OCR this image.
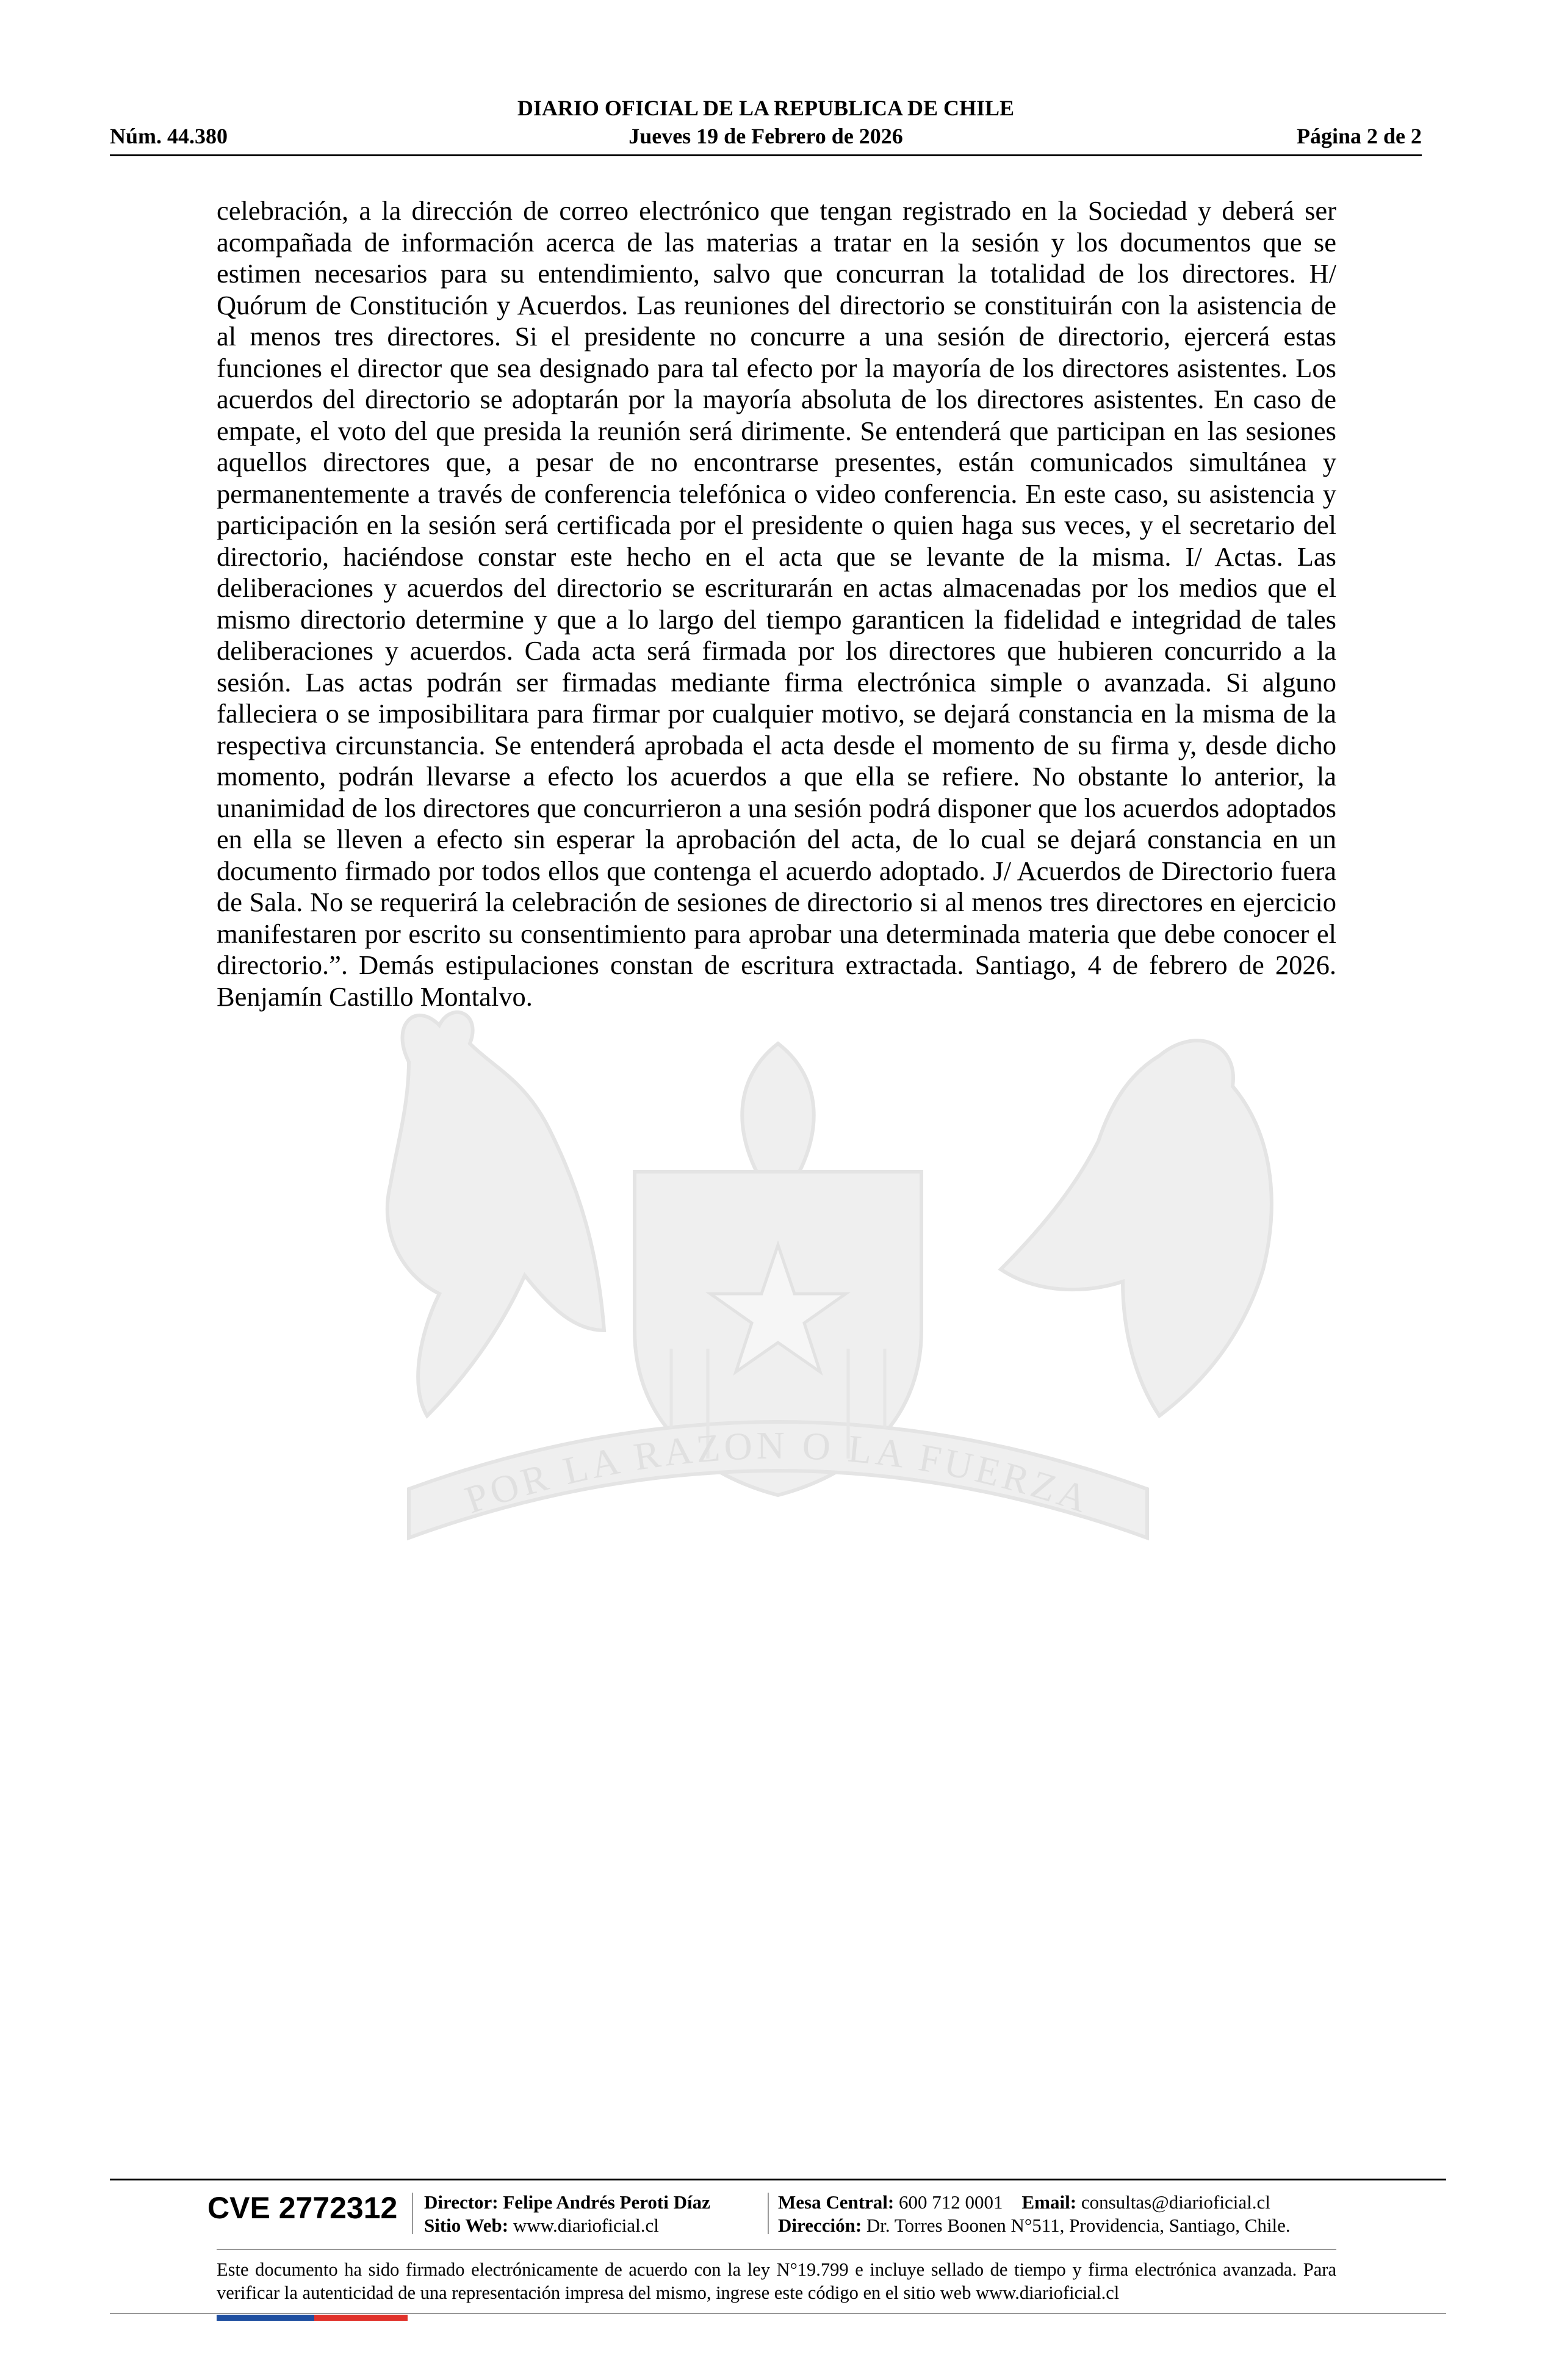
DIARIO OFICIAL DE LA REPUBLICA DE CHILE
Núm. 44.380	Jueves 19 de Febrero de 2026	Página 2 de 2
POR LA RAZON O LA FUERZA

celebración, a la dirección de correo electrónico que tengan registrado en la Sociedad y deberá ser acompañada de información acerca de las materias a tratar en la sesión y los documentos que se estimen necesarios para su entendimiento, salvo que concurran la totalidad de los directores. H/ Quórum de Constitución y Acuerdos. Las reuniones del directorio se constituirán con la asistencia de al menos tres directores. Si el presidente no concurre a una sesión de directorio, ejercerá estas funciones el director que sea designado para tal efecto por la mayoría de los directores asistentes. Los acuerdos del directorio se adoptarán por la mayoría absoluta de los directores asistentes. En caso de empate, el voto del que presida la reunión será dirimente. Se entenderá que participan en las sesiones aquellos directores que, a pesar de no encontrarse presentes, están comunicados simultánea y permanentemente a través de conferencia telefónica o video conferencia. En este caso, su asistencia y participación en la sesión será certificada por el presidente o quien haga sus veces, y el secretario del directorio, haciéndose constar este hecho en el acta que se levante de la misma. I/ Actas. Las deliberaciones y acuerdos del directorio se escriturarán en actas almacenadas por los medios que el mismo directorio determine y que a lo largo del tiempo garanticen la fidelidad e integridad de tales deliberaciones y acuerdos. Cada acta será firmada por los directores que hubieren concurrido a la sesión. Las actas podrán ser firmadas mediante firma electrónica simple o avanzada. Si alguno falleciera o se imposibilitara para firmar por cualquier motivo, se dejará constancia en la misma de la respectiva circunstancia. Se entenderá aprobada el acta desde el momento de su firma y, desde dicho momento, podrán llevarse a efecto los acuerdos a que ella se refiere. No obstante lo anterior, la unanimidad de los directores que concurrieron a una sesión podrá disponer que los acuerdos adoptados en ella se lleven a efecto sin esperar la aprobación del acta, de lo cual se dejará constancia en un documento firmado por todos ellos que contenga el acuerdo adoptado. J/ Acuerdos de Directorio fuera de Sala. No se requerirá la celebración de sesiones de directorio si al menos tres directores en ejercicio manifestaren por escrito su consentimiento para aprobar una determinada materia que debe conocer el directorio.”. Demás estipulaciones constan de escritura extractada. Santiago, 4 de febrero de 2026. Benjamín Castillo Montalvo.

CVE 2772312 Director: Felipe Andrés Peroti Díaz
Sitio Web: www.diarioficial.cl
Mesa Central: 600 712 0001 Email: consultas@diarioficial.cl
Dirección: Dr. Torres Boonen N°511, Providencia, Santiago, Chile.

Este documento ha sido firmado electrónicamente de acuerdo con la ley N°19.799 e incluye sellado de tiempo y firma electrónica avanzada. Para verificar la autenticidad de una representación impresa del mismo, ingrese este código en el sitio web www.diarioficial.cl
